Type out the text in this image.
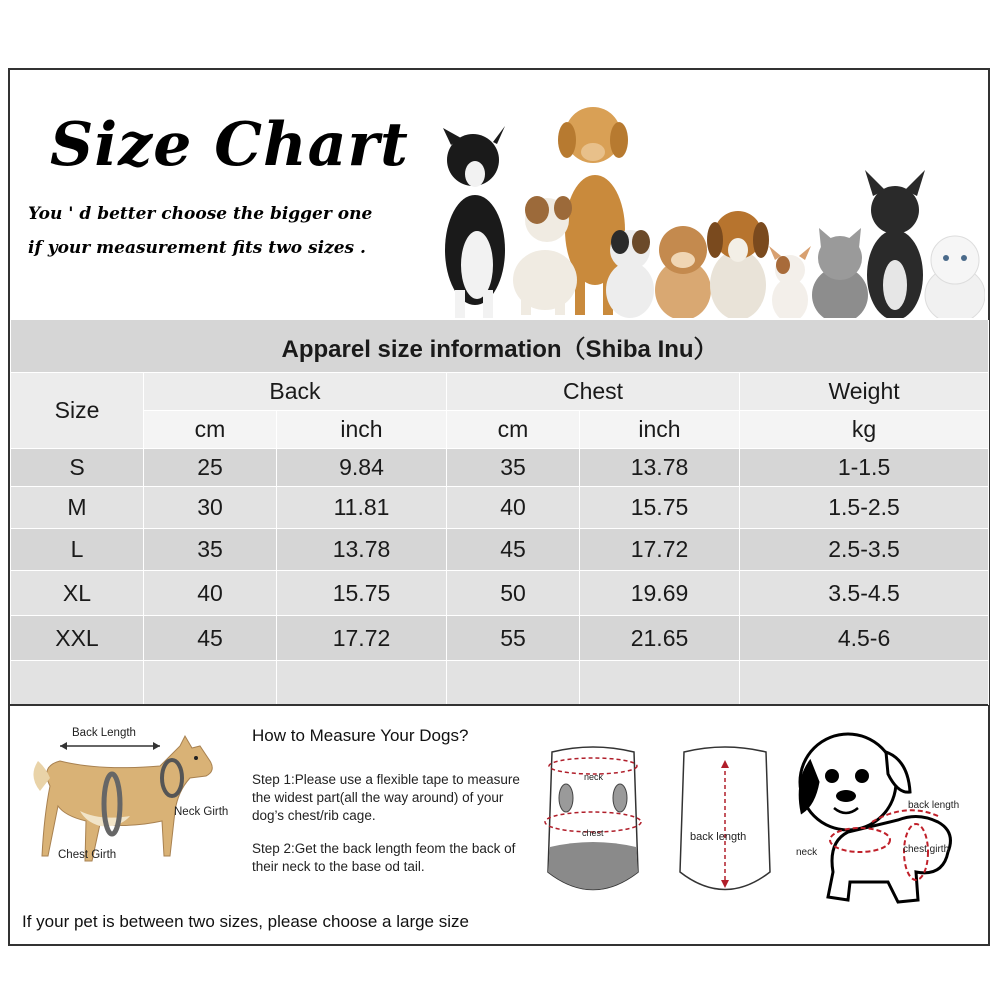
Size Chart
You ' d better choose the bigger one
if your measurement fits two sizes .
Apparel size information（Shiba Inu）					
Size	Back		Chest		Weight
	cm	inch	cm	inch	kg
S	25	9.84	35	13.78	1-1.5
M	30	11.81	40	15.75	1.5-2.5
L	35	13.78	45	17.72	2.5-3.5
XL	40	15.75	50	19.69	3.5-4.5
XXL	45	17.72	55	21.65	4.5-6

Back Length
Neck Girth
Chest Girth
How to Measure Your Dogs?
Step 1:Please use a flexible tape to measure the widest part(all the way around) of your dog’s chest/rib cage.
Step 2:Get the back length feom the back of their neck to the base od tail.
neck
chest	back length
back length
neck	chest girth
If your pet is between two sizes, please choose a large size
